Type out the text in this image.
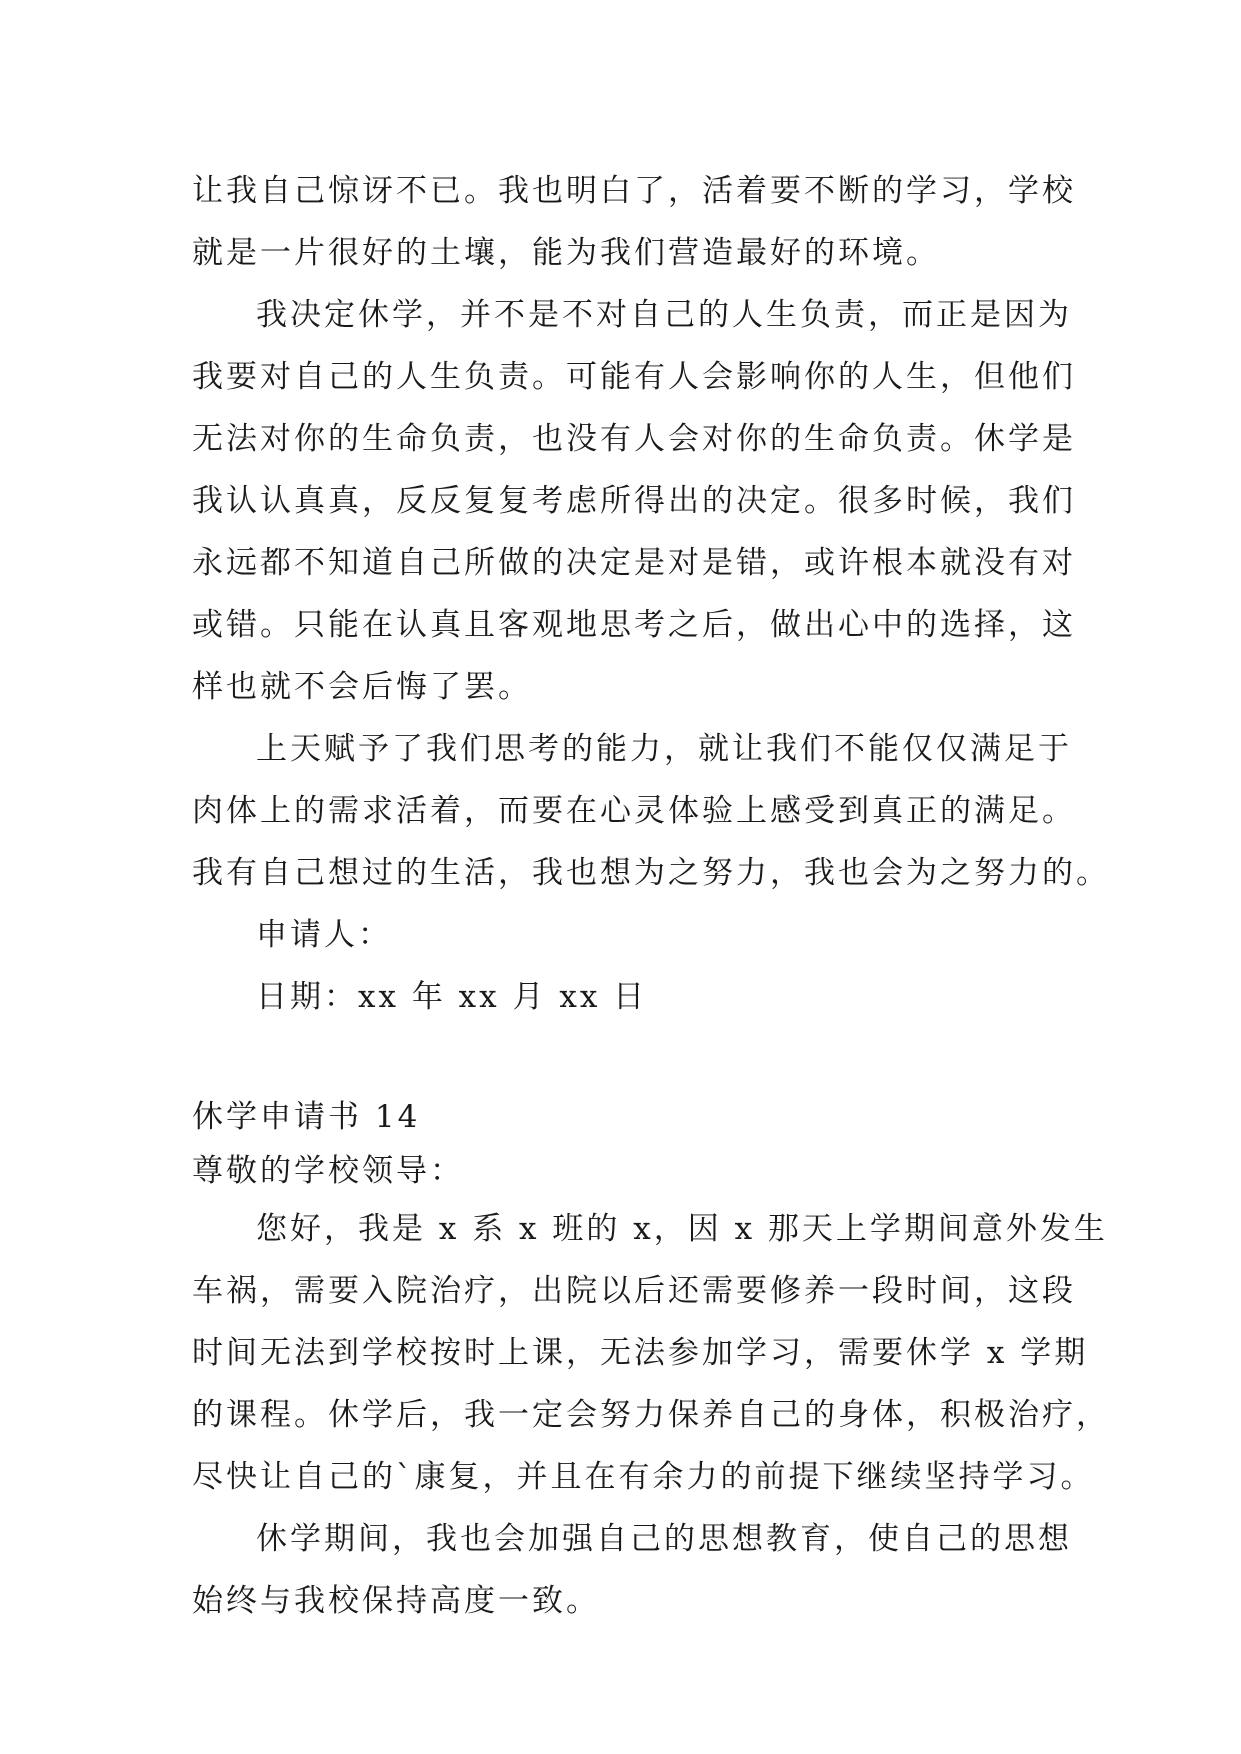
让我自己惊讶不已。我也明白了，活着要不断的学习，学校

就是一片很好的土壤，能为我们营造最好的环境。

我决定休学，并不是不对自己的人生负责，而正是因为

我要对自己的人生负责。可能有人会影响你的人生，但他们

无法对你的生命负责，也没有人会对你的生命负责。休学是

我认认真真，反反复复考虑所得出的决定。很多时候，我们

永远都不知道自己所做的决定是对是错，或许根本就没有对

或错。只能在认真且客观地思考之后，做出心中的选择，这

样也就不会后悔了罢。

上天赋予了我们思考的能力，就让我们不能仅仅满足于

肉体上的需求活着，而要在心灵体验上感受到真正的满足。

我有自己想过的生活，我也想为之努力，我也会为之努力的。

申请人：

日期：xx 年 xx 月 xx 日

休学申请书 14

尊敬的学校领导：

您好，我是 x 系 x 班的 x，因 x 那天上学期间意外发生

车祸，需要入院治疗，出院以后还需要修养一段时间，这段

时间无法到学校按时上课，无法参加学习，需要休学 x 学期

的课程。休学后，我一定会努力保养自己的身体，积极治疗，

尽快让自己的`康复，并且在有余力的前提下继续坚持学习。

休学期间，我也会加强自己的思想教育，使自己的思想

始终与我校保持高度一致。
